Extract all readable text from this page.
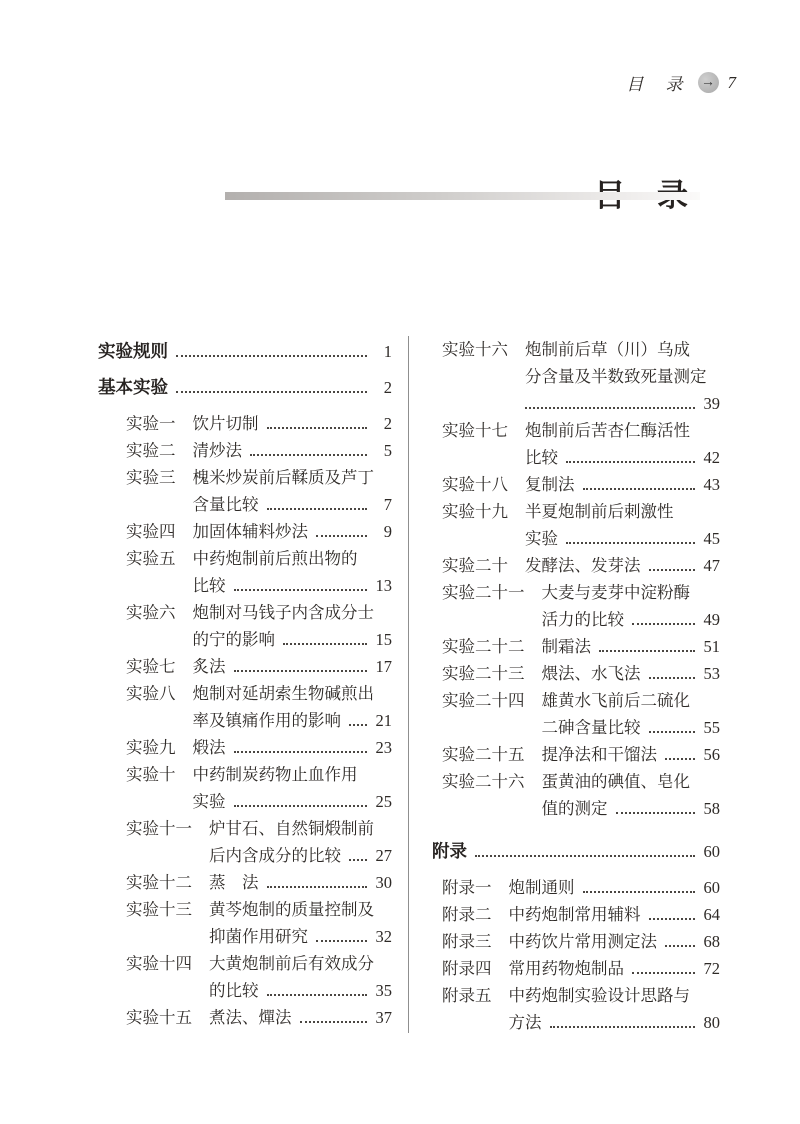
目 录 → 7
实验规则	1
基本实验	2
实验一 饮片切制	2
实验二 清炒法	5
实验三 槐米炒炭前后鞣质及芦丁
含量比较	7
实验四 加固体辅料炒法	9
实验五 中药炮制前后煎出物的
比较	13
实验六 炮制对马钱子内含成分士
的宁的影响	15
实验七 炙法	17
实验八 炮制对延胡索生物碱煎出
率及镇痛作用的影响 21
实验九 煅法	23
实验十 中药制炭药物止血作用
实验	25
实验十一 炉甘石、自然铜煅制前
后内含成分的比较 27
实验十二 蒸　法	30
实验十三 黄芩炮制的质量控制及
抑菌作用研究	32
实验十四 大黄炮制前后有效成分
的比较	35
实验十五 煮法、燀法	37
实验十六 炮制前后草（川）乌成
分含量及半数致死量测定
39
实验十七 炮制前后苦杏仁酶活性
比较	42
实验十八 复制法	43
实验十九 半夏炮制前后刺激性
实验	45
实验二十 发酵法、发芽法	47
实验二十一 大麦与麦芽中淀粉酶
活力的比较	49
实验二十二 制霜法	51
实验二十三 煨法、水飞法	53
实验二十四 雄黄水飞前后二硫化
二砷含量比较	55
实验二十五 提净法和干馏法	56
实验二十六 蛋黄油的碘值、皂化
值的测定	58
附录	60
附录一 炮制通则	60
附录二 中药炮制常用辅料	64
附录三 中药饮片常用测定法	68
附录四 常用药物炮制品	72
附录五 中药炮制实验设计思路与
方法	80
